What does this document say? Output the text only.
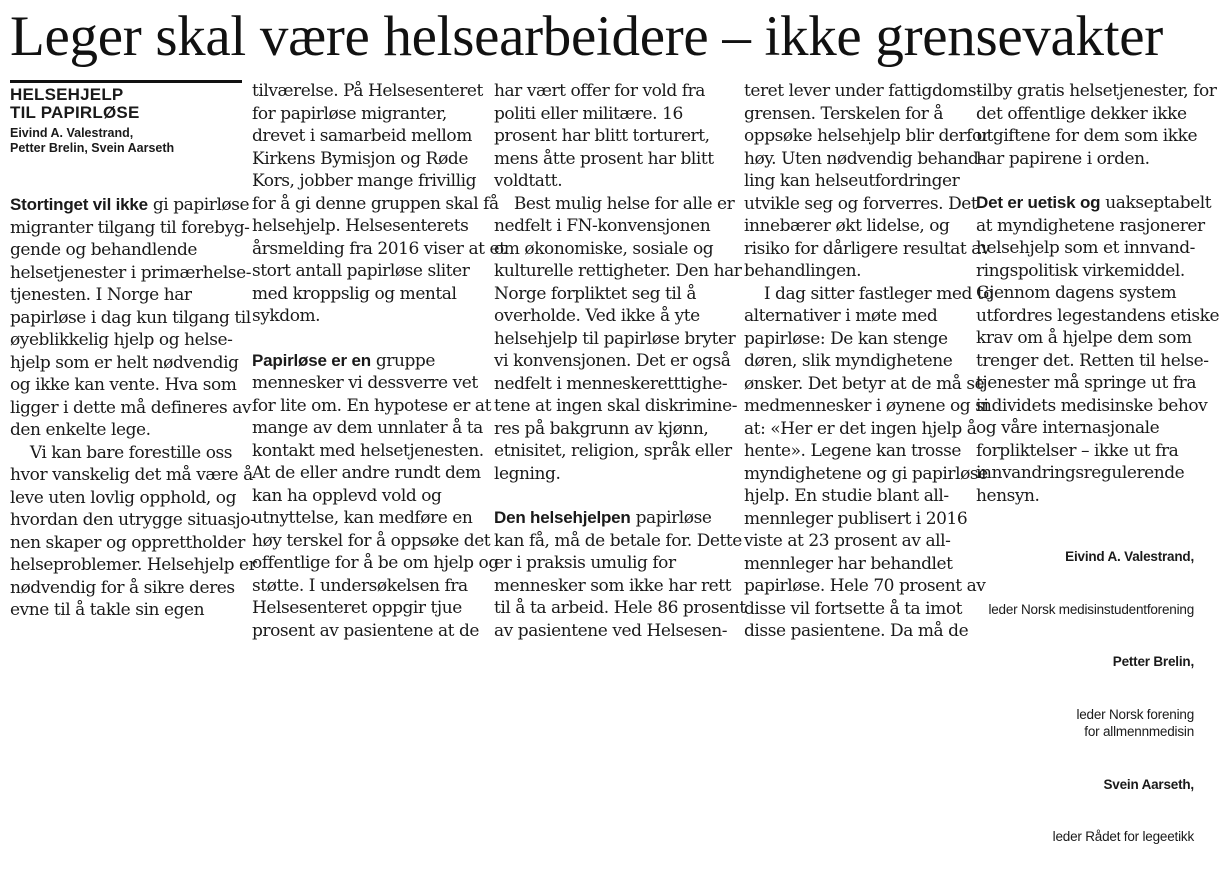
Leger skal være helsearbeidere – ikke grensevakter

HELSEHJELP
TIL PAPIRLØSE

Eivind A. Valestrand,
Petter Brelin, Svein Aarseth

Stortinget vil ikke gi papirløse
migranter tilgang til forebyg-
gende og behandlende
helsetjenester i primærhelse-
tjenesten. I Norge har
papirløse i dag kun tilgang til
øyeblikkelig hjelp og helse-
hjelp som er helt nødvendig
og ikke kan vente. Hva som
ligger i dette må defineres av
den enkelte lege.

Vi kan bare forestille oss
hvor vanskelig det må være å
leve uten lovlig opphold, og
hvordan den utrygge situasjo-
nen skaper og opprettholder
helseproblemer. Helsehjelp er
nødvendig for å sikre deres
evne til å takle sin egen

tilværelse. På Helsesenteret
for papirløse migranter,
drevet i samarbeid mellom
Kirkens Bymisjon og Røde
Kors, jobber mange frivillig
for å gi denne gruppen skal få
helsehjelp. Helsesenterets
årsmelding fra 2016 viser at et
stort antall papirløse sliter
med kroppslig og mental
sykdom.

Papirløse er en gruppe
mennesker vi dessverre vet
for lite om. En hypotese er at
mange av dem unnlater å ta
kontakt med helsetjenesten.
At de eller andre rundt dem
kan ha opplevd vold og
utnyttelse, kan medføre en
høy terskel for å oppsøke det
offentlige for å be om hjelp og
støtte. I undersøkelsen fra
Helsesenteret oppgir tjue
prosent av pasientene at de

har vært offer for vold fra
politi eller militære. 16
prosent har blitt torturert,
mens åtte prosent har blitt
voldtatt.

Best mulig helse for alle er
nedfelt i FN-konvensjonen
om økonomiske, sosiale og
kulturelle rettigheter. Den har
Norge forpliktet seg til å
overholde. Ved ikke å yte
helsehjelp til papirløse bryter
vi konvensjonen. Det er også
nedfelt i menneskeretttighe-
tene at ingen skal diskrimine-
res på bakgrunn av kjønn,
etnisitet, religion, språk eller
legning.

Den helsehjelpen papirløse
kan få, må de betale for. Dette
er i praksis umulig for
mennesker som ikke har rett
til å ta arbeid. Hele 86 prosent
av pasientene ved Helsesen-

teret lever under fattigdoms-
grensen. Terskelen for å
oppsøke helsehjelp blir derfor
høy. Uten nødvendig behand-
ling kan helseutfordringer
utvikle seg og forverres. Det
innebærer økt lidelse, og
risiko for dårligere resultat av
behandlingen.

I dag sitter fastleger med to
alternativer i møte med
papirløse: De kan stenge
døren, slik myndighetene
ønsker. Det betyr at de må se
medmennesker i øynene og si
at: «Her er det ingen hjelp å
hente». Legene kan trosse
myndighetene og gi papirløse
hjelp. En studie blant all-
mennleger publisert i 2016
viste at 23 prosent av all-
mennleger har behandlet
papirløse. Hele 70 prosent av
disse vil fortsette å ta imot
disse pasientene. Da må de

tilby gratis helsetjenester, for
det offentlige dekker ikke
utgiftene for dem som ikke
har papirene i orden.

Det er uetisk og uakseptabelt
at myndighetene rasjonerer
helsehjelp som et innvand-
ringspolitisk virkemiddel.
Gjennom dagens system
utfordres legestandens etiske
krav om å hjelpe dem som
trenger det. Retten til helse-
tjenester må springe ut fra
individets medisinske behov
og våre internasjonale
forpliktelser – ikke ut fra
innvandringsregulerende
hensyn.

Eivind A. Valestrand,

leder Norsk medisinstudentforening

Petter Brelin,

leder Norsk forening
for allmennmedisin

Svein Aarseth,

leder Rådet for legeetikk
